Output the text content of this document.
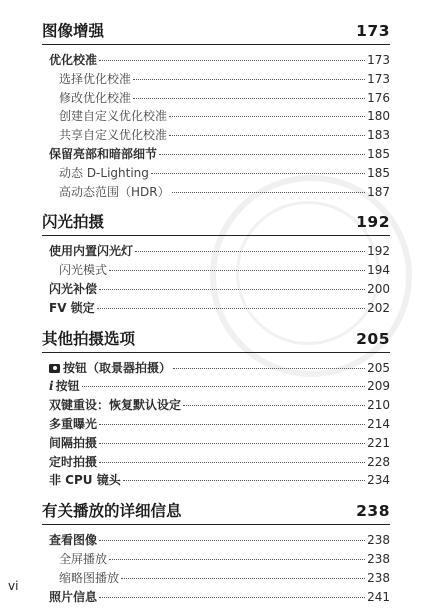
图像增强	173
优化校准	173
选择优化校准	173
修改优化校准	176
创建自定义优化校准	180
共享自定义优化校准	183
保留亮部和暗部细节	185
动态 D-Lighting	185
高动态范围（HDR）	187
闪光拍摄	192
使用内置闪光灯	192
闪光模式	194
闪光补偿	200
FV 锁定	202
其他拍摄选项	205
按钮（取景器拍摄）	205
i 按钮	209
双键重设：恢复默认设定	210
多重曝光	214
间隔拍摄	221
定时拍摄	228
非 CPU 镜头	234
有关播放的详细信息	238
查看图像	238
全屏播放	238
缩略图播放	238
照片信息	241
vi
